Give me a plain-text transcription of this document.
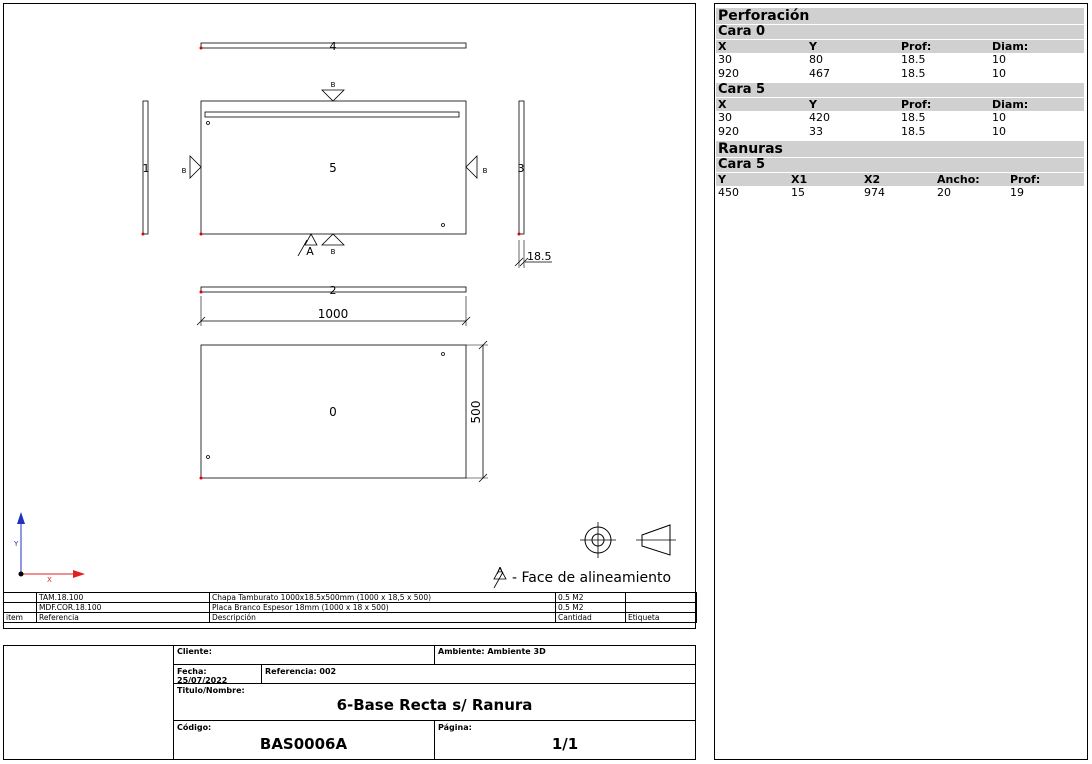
4
1	3
2
5
B
B	B
B
A	18.5
1000
0	500
Y
X
A - Face de alineamiento
	TAM.18.100	Chapa Tamburato 1000x18.5x500mm (1000 x 18,5 x 500)	0.5 M2	
	MDF.COR.18.100	Placa Branco Espesor 18mm (1000 x 18 x 500)	0.5 M2	
item	Referencia	Descripción	Cantidad	Etiqueta
Cliente:	Ambiente: Ambiente 3D
Fecha: 25/07/2022
Referencia: 002
Titulo/Nombre:
6-Base Recta s/ Ranura
Código:
BAS0006A
Página:
1/1
Perforación
Cara 0
X	Y	Prof:	Diam:
30	80	18.5	10
920	467	18.5	10
Cara 5
X	Y	Prof:	Diam:
30	420	18.5	10
920	33	18.5	10
Ranuras
Cara 5
Y	X1	X2	Ancho:	Prof:
450	15	974	20	19
